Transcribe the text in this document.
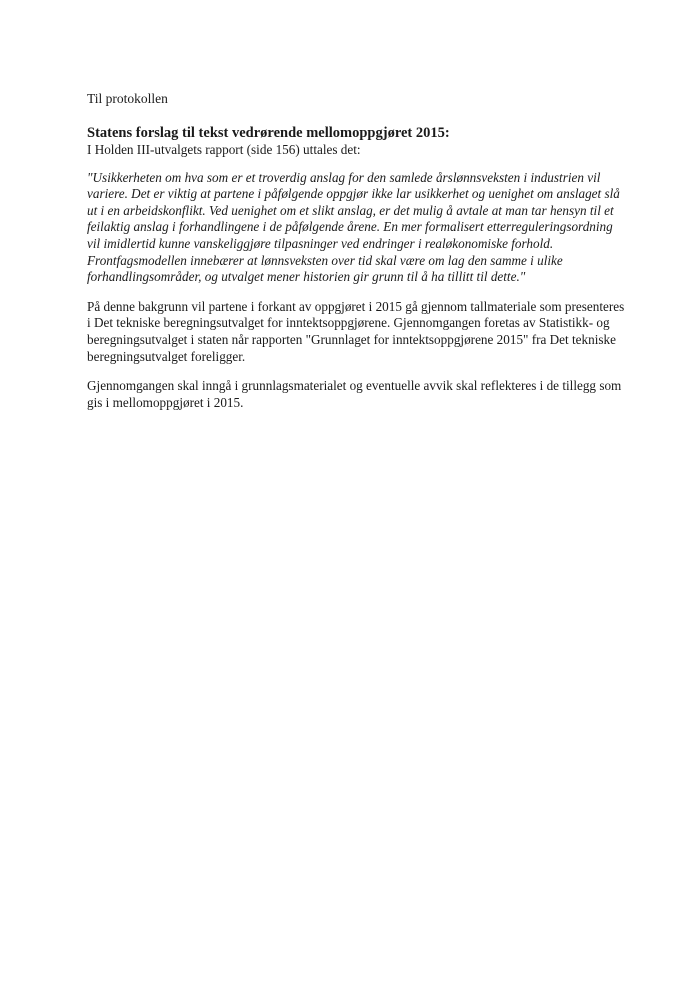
Til protokollen

Statens forslag til tekst vedrørende mellomoppgjøret 2015:

I Holden III-utvalgets rapport (side 156) uttales det:

"Usikkerheten om hva som er et troverdig anslag for den samlede årslønnsveksten i industrien vil
variere. Det er viktig at partene i påfølgende oppgjør ikke lar usikkerhet og uenighet om anslaget slå
ut i en arbeidskonflikt. Ved uenighet om et slikt anslag, er det mulig å avtale at man tar hensyn til et
feilaktig anslag i forhandlingene i de påfølgende årene. En mer formalisert etterreguleringsordning
vil imidlertid kunne vanskeliggjøre tilpasninger ved endringer i realøkonomiske forhold.
Frontfagsmodellen innebærer at lønnsveksten over tid skal være om lag den samme i ulike
forhandlingsområder, og utvalget mener historien gir grunn til å ha tillitt til dette."

På denne bakgrunn vil partene i forkant av oppgjøret i 2015 gå gjennom tallmateriale som presenteres
i Det tekniske beregningsutvalget for inntektsoppgjørene. Gjennomgangen foretas av Statistikk- og
beregningsutvalget i staten når rapporten "Grunnlaget for inntektsoppgjørene 2015" fra Det tekniske
beregningsutvalget foreligger.

Gjennomgangen skal inngå i grunnlagsmaterialet og eventuelle avvik skal reflekteres i de tillegg som
gis i mellomoppgjøret i 2015.
